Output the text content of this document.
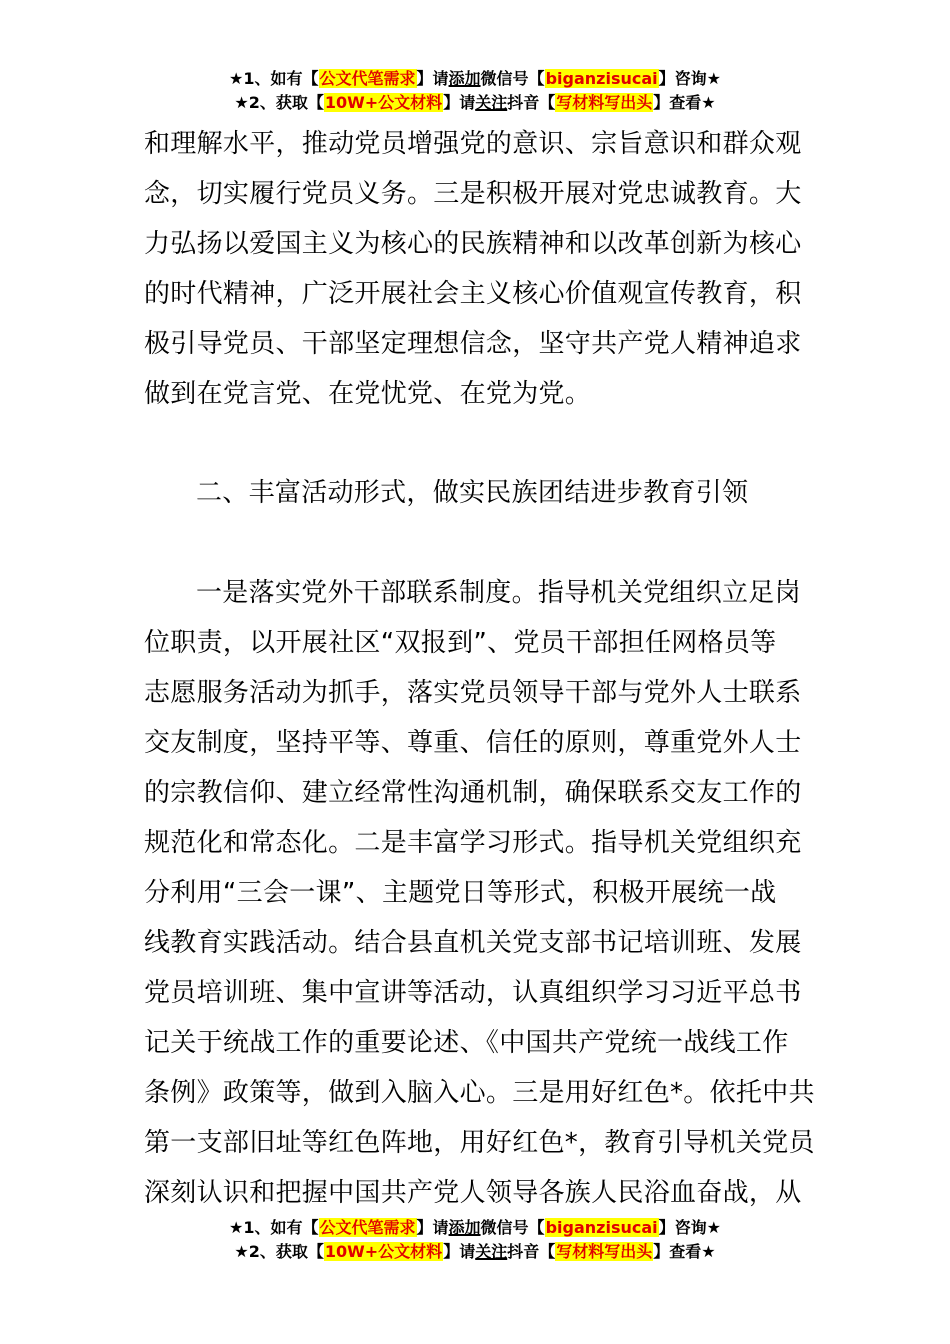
★1、如有【公文代笔需求】请添加微信号【biganzisucai】咨询★
★2、获取【10W+公文材料】请关注抖音【写材料写出头】查看★
和理解水平，推动党员增强党的意识、宗旨意识和群众观
念，切实履行党员义务。三是积极开展对党忠诚教育。大
力弘扬以爱国主义为核心的民族精神和以改革创新为核心
的时代精神，广泛开展社会主义核心价值观宣传教育，积
极引导党员、干部坚定理想信念，坚守共产党人精神追求
做到在党言党、在党忧党、在党为党。
二、丰富活动形式，做实民族团结进步教育引领
一是落实党外干部联系制度。指导机关党组织立足岗
位职责，以开展社区“双报到”、党员干部担任网格员等
志愿服务活动为抓手，落实党员领导干部与党外人士联系
交友制度，坚持平等、尊重、信任的原则，尊重党外人士
的宗教信仰、建立经常性沟通机制，确保联系交友工作的
规范化和常态化。二是丰富学习形式。指导机关党组织充
分利用“三会一课”、主题党日等形式，积极开展统一战
线教育实践活动。结合县直机关党支部书记培训班、发展
党员培训班、集中宣讲等活动，认真组织学习习近平总书
记关于统战工作的重要论述、《中国共产党统一战线工作
条例》政策等，做到入脑入心。三是用好红色*。依托中共
第一支部旧址等红色阵地，用好红色*，教育引导机关党员
深刻认识和把握中国共产党人领导各族人民浴血奋战，从
★1、如有【公文代笔需求】请添加微信号【biganzisucai】咨询★
★2、获取【10W+公文材料】请关注抖音【写材料写出头】查看★
